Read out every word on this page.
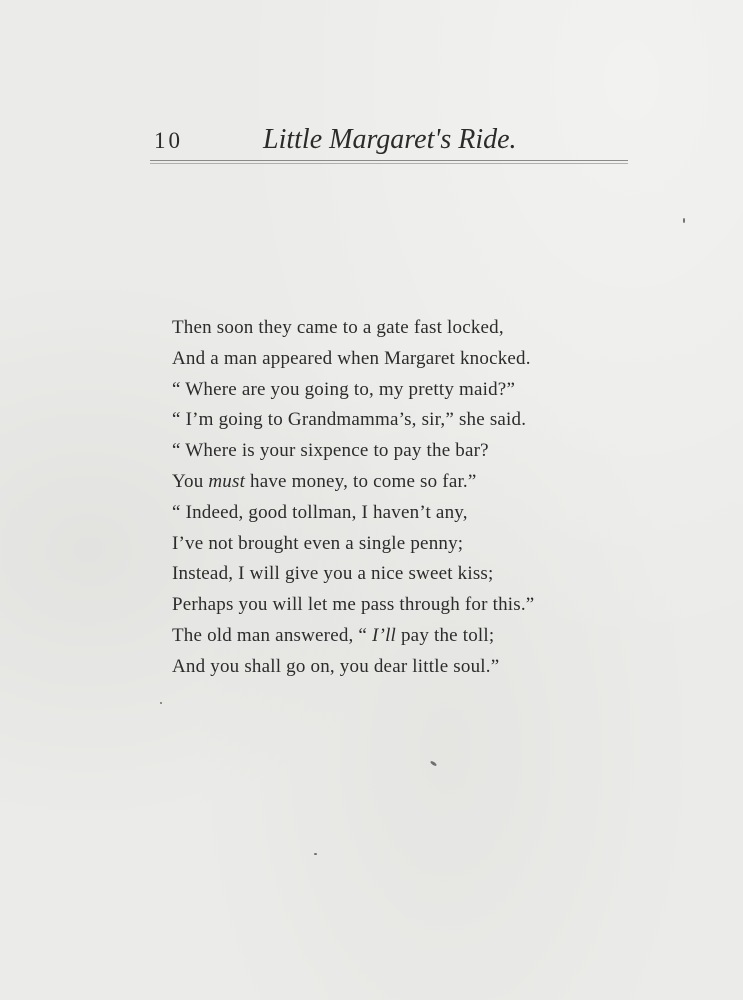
10	Little Margaret's Ride.
Then soon they came to a gate fast locked,
And a man appeared when Margaret knocked.
“ Where are you going to, my pretty maid?”
“ I’m going to Grandmamma’s, sir,” she said.
“ Where is your sixpence to pay the bar?
You must have money, to come so far.”
“ Indeed, good tollman, I haven’t any,
I’ve not brought even a single penny;
Instead, I will give you a nice sweet kiss;
Perhaps you will let me pass through for this.”
The old man answered, “ I’ll pay the toll;
And you shall go on, you dear little soul.”
